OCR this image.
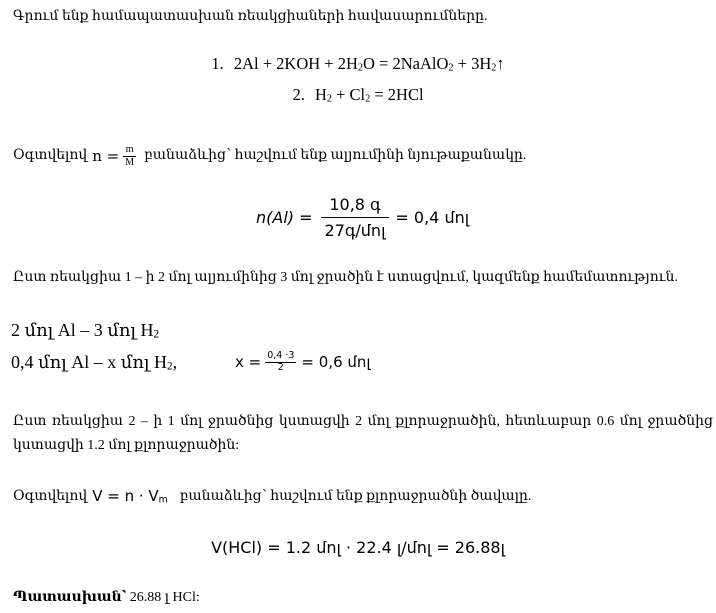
Գրում ենք համապատասխան ռեակցիաների հավասարումները.
1. 2Al + 2KOH + 2H2O = 2NaAlO2 + 3H2↑
2. H2 + Cl2 = 2HCl
Օգտվելով $n = \frac{m}{M}$ բանաձևից՝ հաշվում ենք ալյումինի նյութաքանակը.
$n(Al) = \frac{\text{10,8 գ}}{\text{27գ/մոլ}} = 0,4$ մոլ
Ըստ ռեակցիա 1 – ի 2 մոլ ալյումինից 3 մոլ ջրածին է ստացվում, կազմենք համեմատություն.
2 մոլ Al – 3 մոլ H2
0,4 մոլ Al – x մոլ H2,	$x = \frac{0,4 \cdot 3}{2} = 0,6$ մոլ
Ըստ ռեակցիա 2 – ի 1 մոլ ջրածնից կստացվի 2 մոլ քլորաջրածին, հետևաբար 0.6 մոլ ջրածնից կստացվի 1.2 մոլ քլորաջրածին:
Օգտվելով V = n · Vm բանաձևից՝ հաշվում ենք քլորաջրածնի ծավալը.
V(HCl) = 1.2 մոլ · 22.4 լ/մոլ = 26.88լ
Պատասխան՝ 26.88 լ HCl:
